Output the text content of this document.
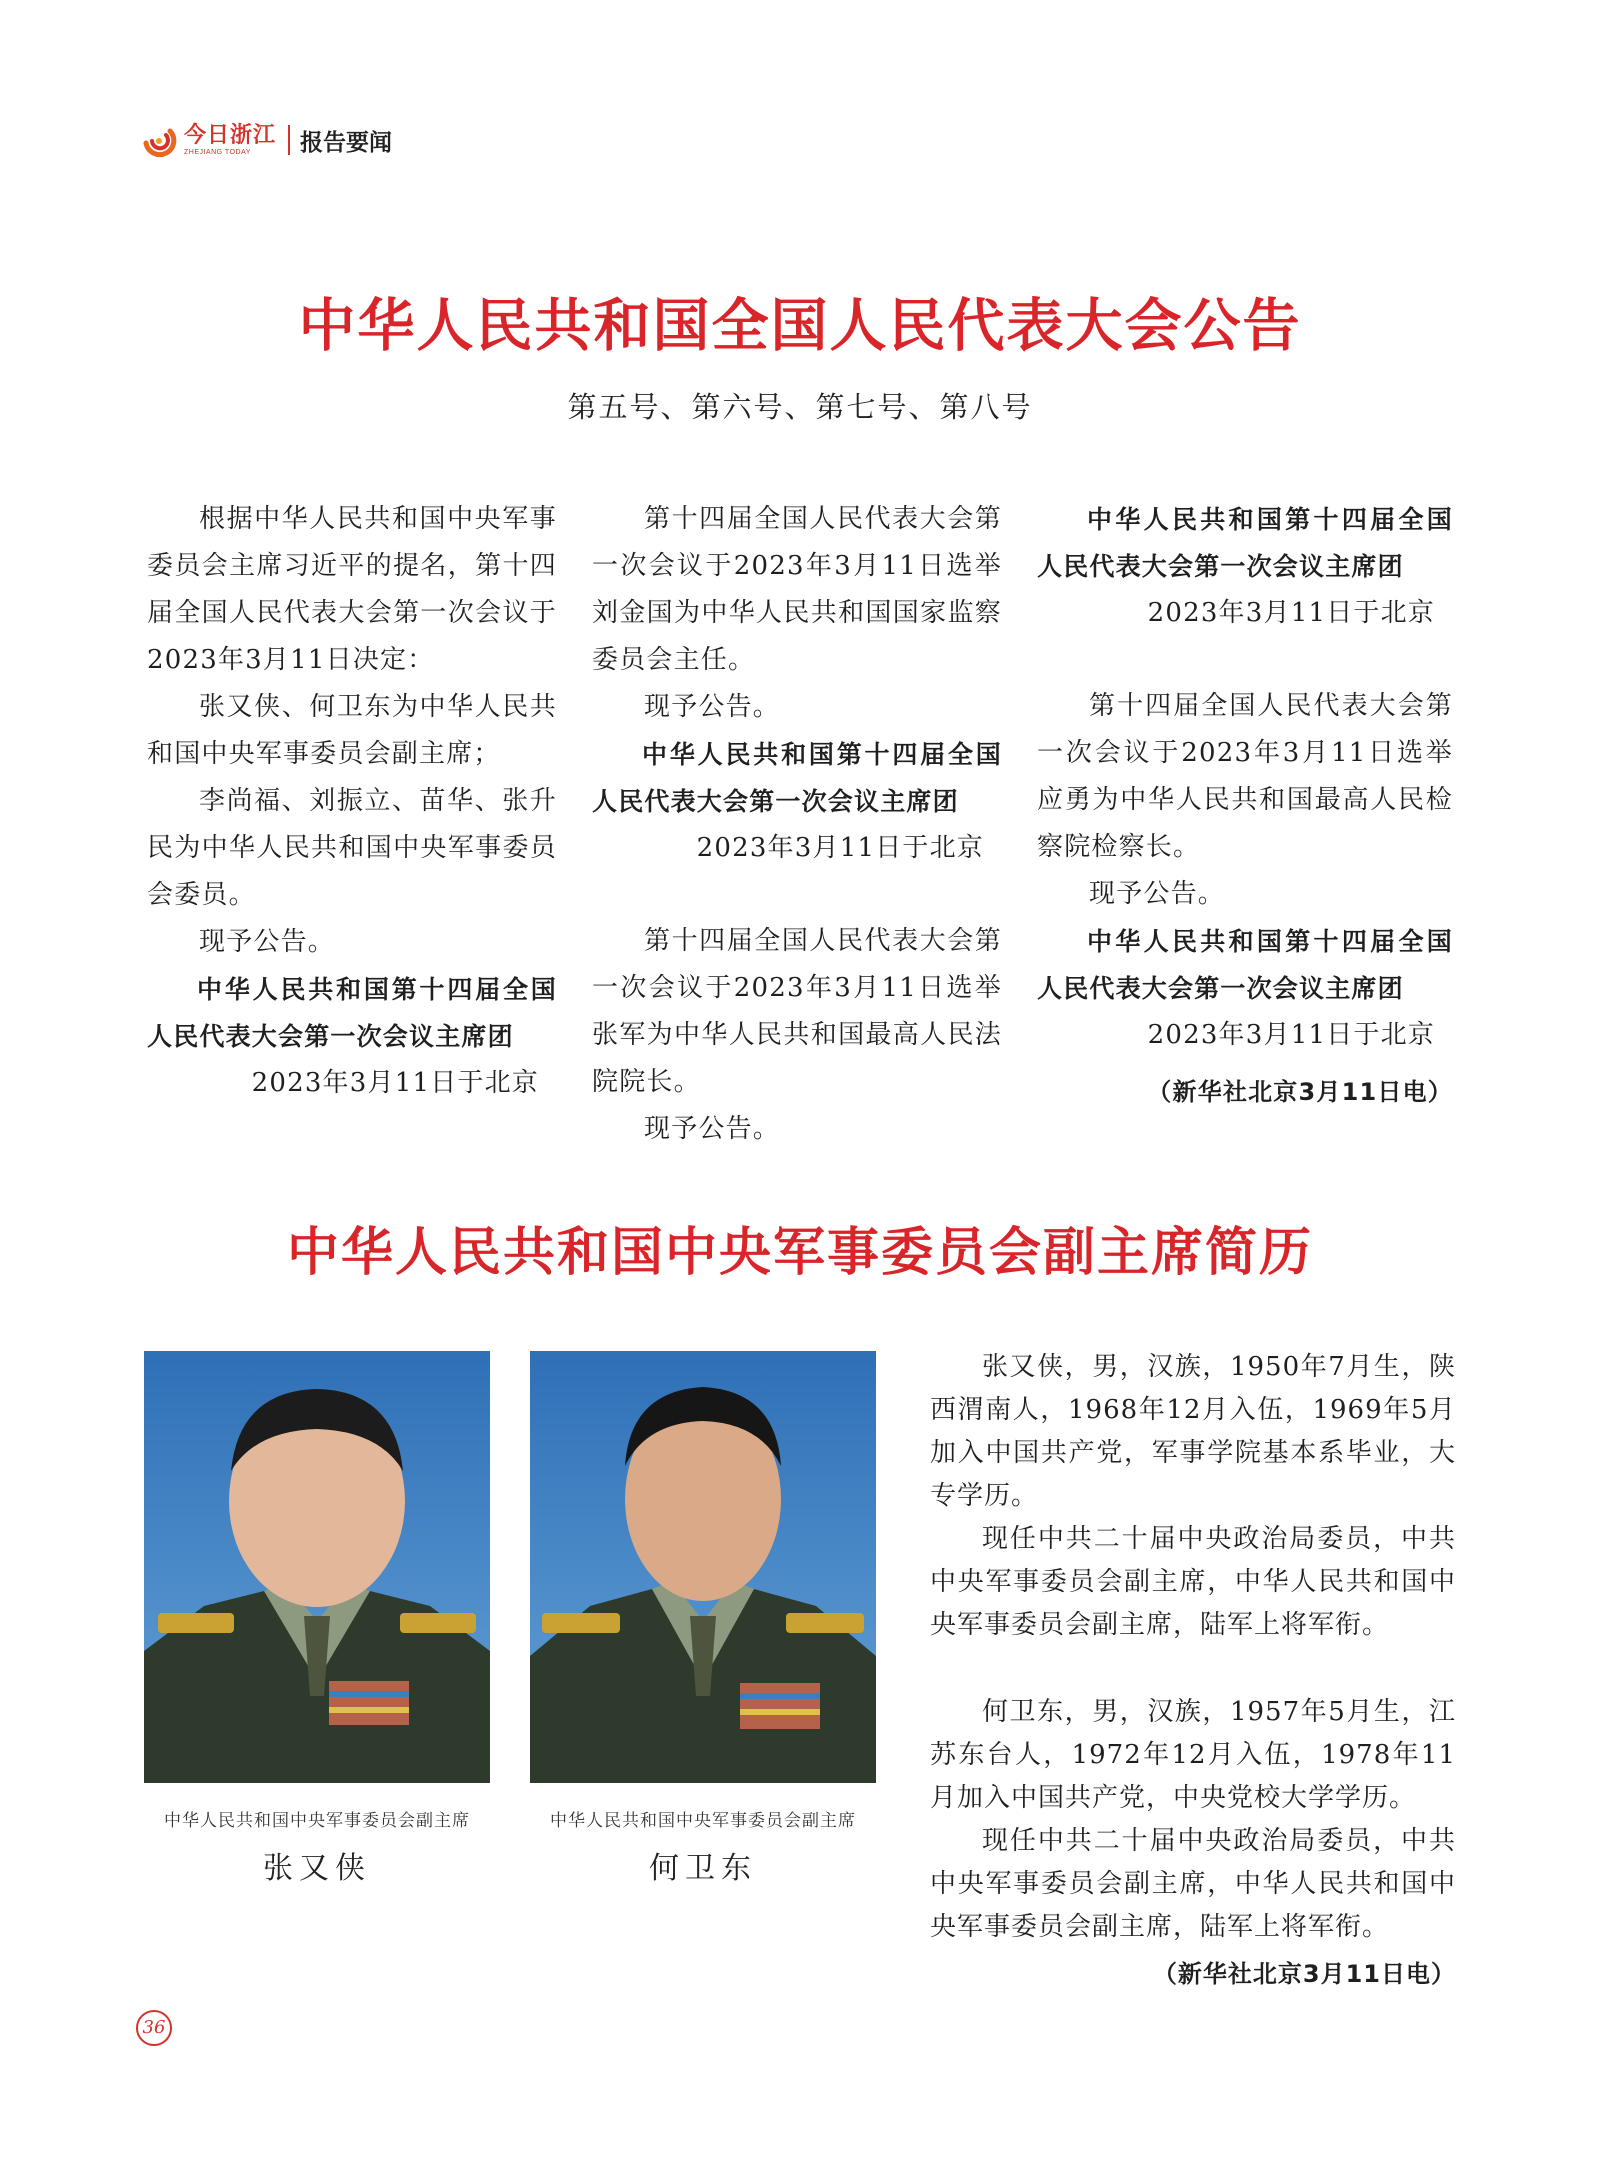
今日浙江
ZHEJIANG TODAY	报告要闻
中华人民共和国全国人民代表大会公告
第五号、第六号、第七号、第八号

根据中华人民共和国中央军事委员会主席习近平的提名，第十四届全国人民代表大会第一次会议于2023年3月11日决定：

张又侠、何卫东为中华人民共和国中央军事委员会副主席；

李尚福、刘振立、苗华、张升民为中华人民共和国中央军事委员会委员。

现予公告。

中华人民共和国第十四届全国人民代表大会第一次会议主席团

2023年3月11日于北京

第十四届全国人民代表大会第一次会议于2023年3月11日选举刘金国为中华人民共和国国家监察委员会主任。

现予公告。

中华人民共和国第十四届全国人民代表大会第一次会议主席团

2023年3月11日于北京

第十四届全国人民代表大会第一次会议于2023年3月11日选举张军为中华人民共和国最高人民法院院长。

现予公告。

中华人民共和国第十四届全国人民代表大会第一次会议主席团

2023年3月11日于北京

第十四届全国人民代表大会第一次会议于2023年3月11日选举应勇为中华人民共和国最高人民检察院检察长。

现予公告。

中华人民共和国第十四届全国人民代表大会第一次会议主席团

2023年3月11日于北京

（新华社北京3月11日电）

中华人民共和国中央军事委员会副主席简历
中华人民共和国中央军事委员会副主席
张又侠
中华人民共和国中央军事委员会副主席
何卫东

张又侠，男，汉族，1950年7月生，陕西渭南人，1968年12月入伍，1969年5月加入中国共产党，军事学院基本系毕业，大专学历。

现任中共二十届中央政治局委员，中共中央军事委员会副主席，中华人民共和国中央军事委员会副主席，陆军上将军衔。

何卫东，男，汉族，1957年5月生，江苏东台人，1972年12月入伍，1978年11月加入中国共产党，中央党校大学学历。

现任中共二十届中央政治局委员，中共中央军事委员会副主席，中华人民共和国中央军事委员会副主席，陆军上将军衔。

（新华社北京3月11日电）

36
